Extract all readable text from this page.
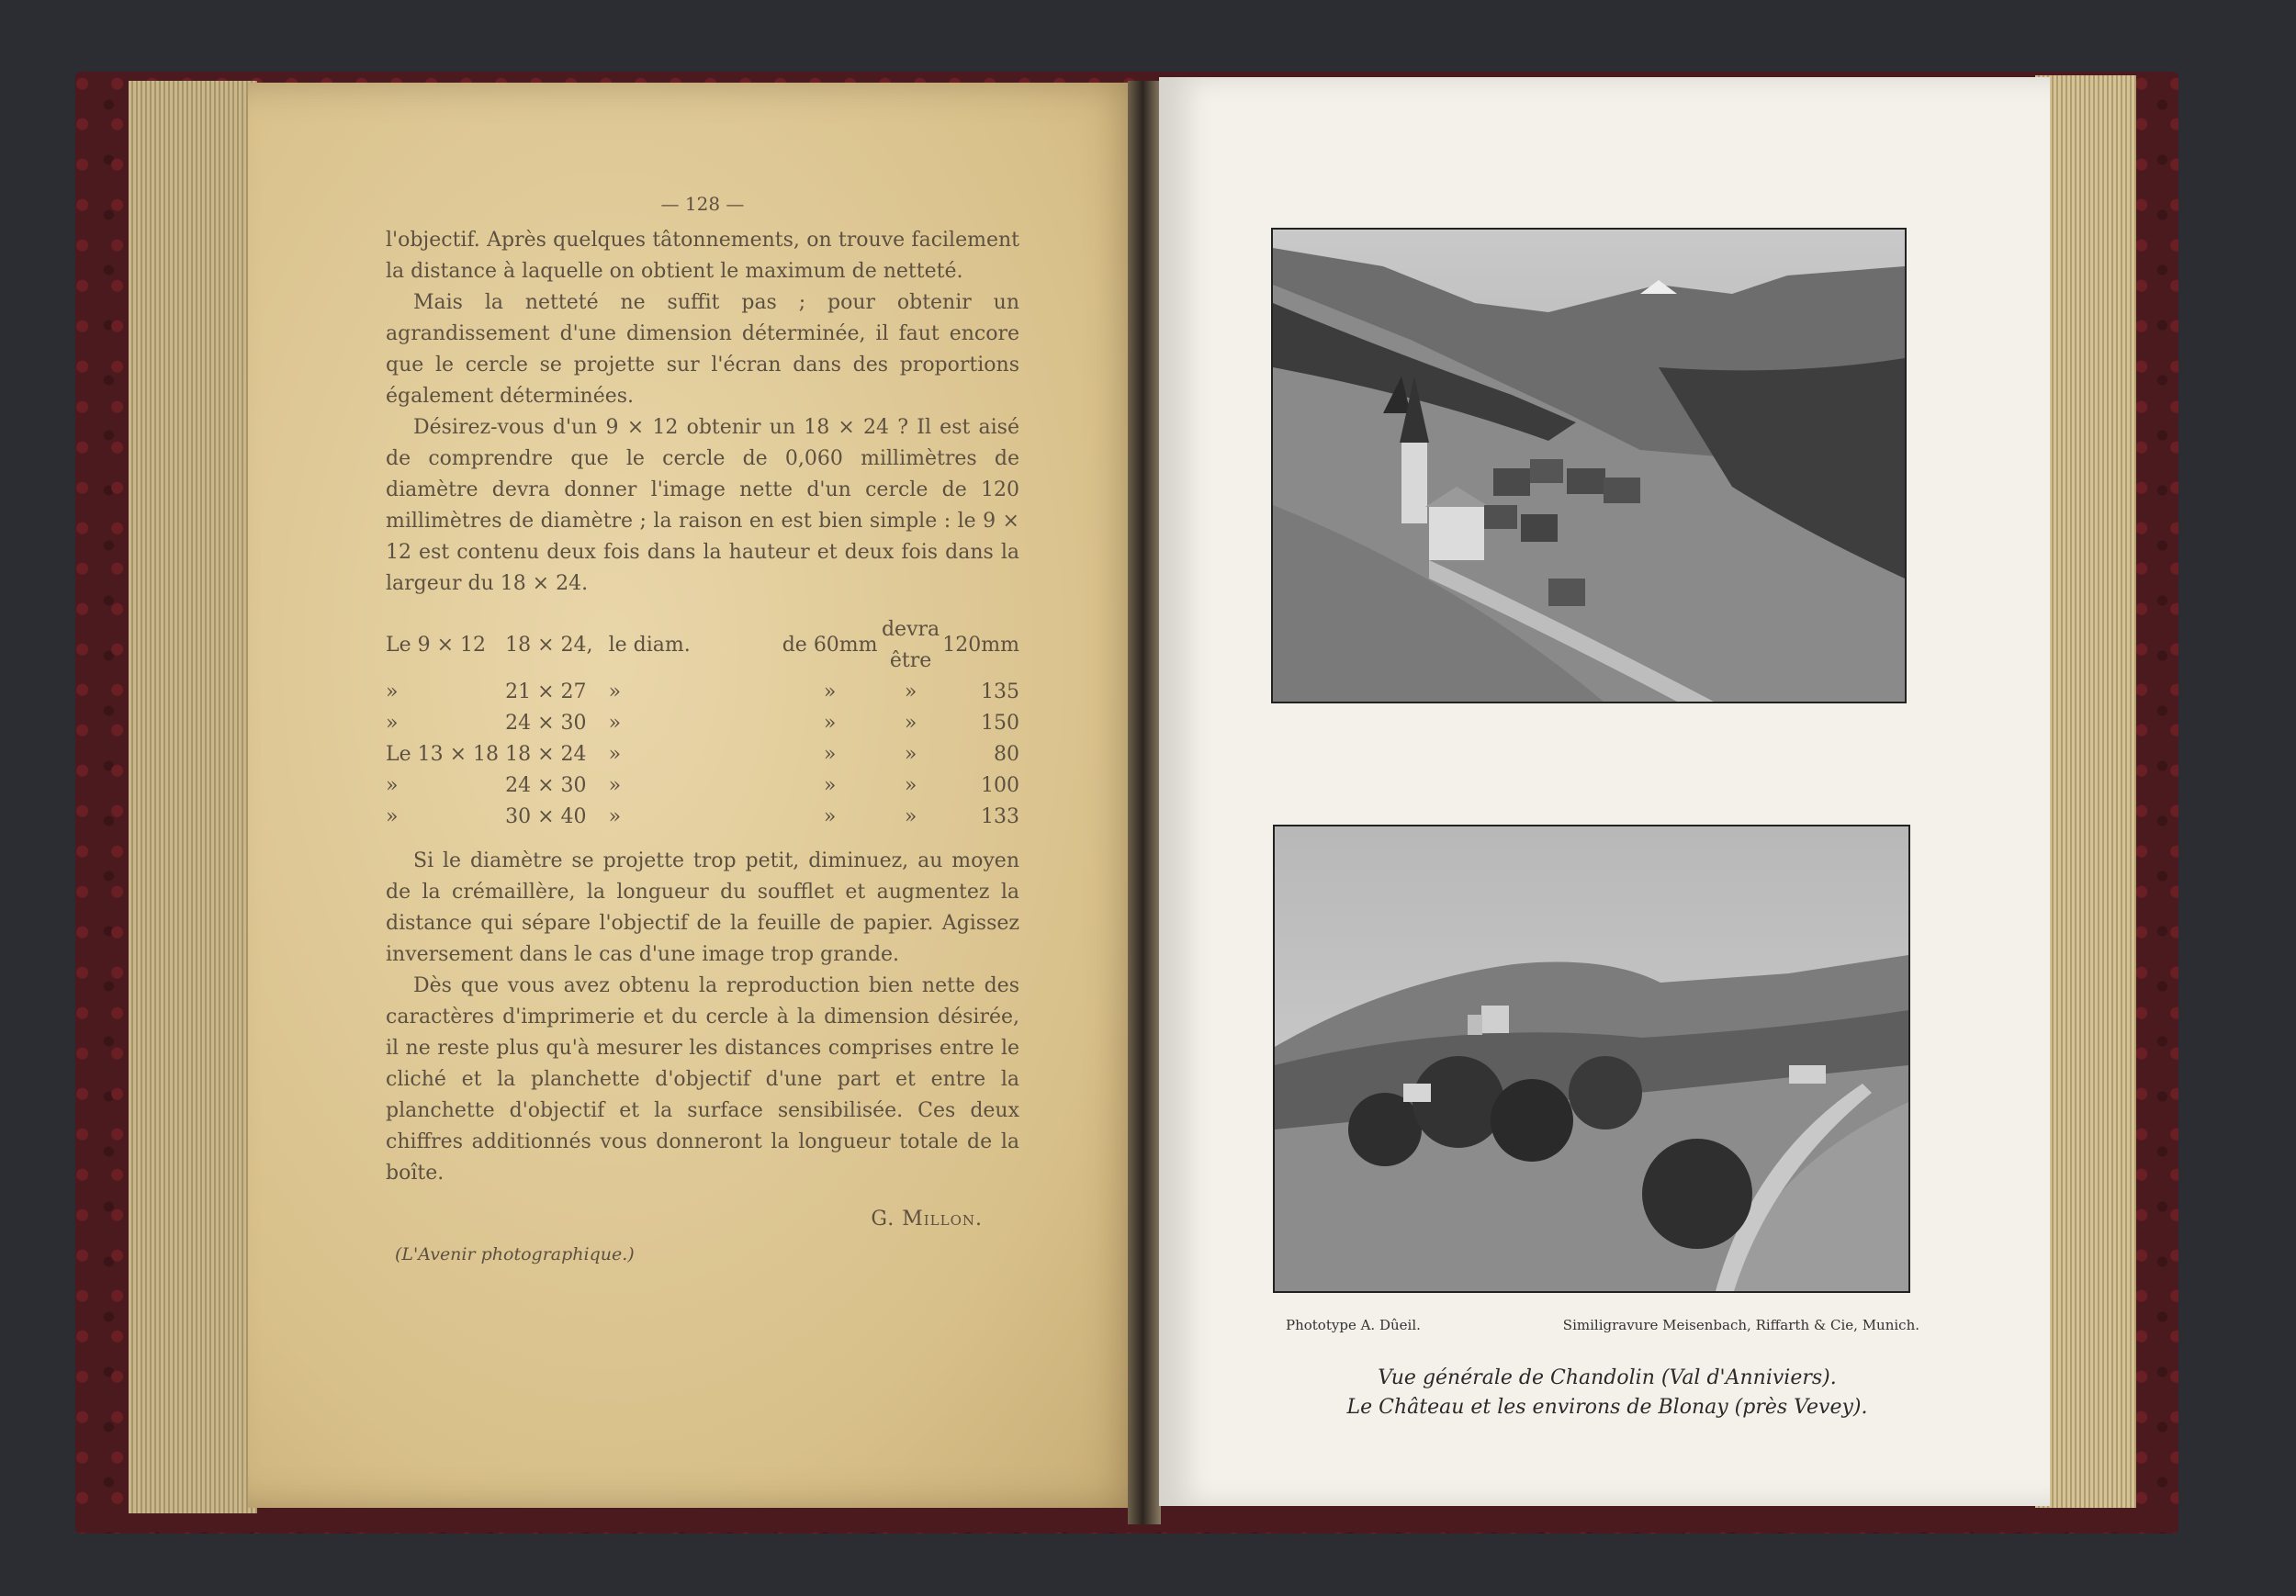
— 128 —

l'objectif. Après quelques tâtonnements, on trouve facilement la distance à laquelle on obtient le maximum de netteté.

Mais la netteté ne suffit pas ; pour obtenir un agrandissement d'une dimension déterminée, il faut encore que le cercle se projette sur l'écran dans des proportions également déterminées.

Désirez-vous d'un 9 × 12 obtenir un 18 × 24 ? Il est aisé de comprendre que le cercle de 0,060 millimètres de diamètre devra donner l'image nette d'un cercle de 120 millimètres de diamètre ; la raison en est bien simple : le 9 × 12 est contenu deux fois dans la hauteur et deux fois dans la largeur du 18 × 24.

Le 9 × 12	18 × 24,	le diam.	de 60mm	devra être	120mm
»	21 × 27	»	»	»	135
»	24 × 30	»	»	»	150
Le 13 × 18	18 × 24	»	»	»	80
»	24 × 30	»	»	»	100
»	30 × 40	»	»	»	133

Si le diamètre se projette trop petit, diminuez, au moyen de la crémaillère, la longueur du soufflet et augmentez la distance qui sépare l'objectif de la feuille de papier. Agissez inversement dans le cas d'une image trop grande.

Dès que vous avez obtenu la reproduction bien nette des caractères d'imprimerie et du cercle à la dimension désirée, il ne reste plus qu'à mesurer les distances comprises entre le cliché et la planchette d'objectif d'une part et entre la planchette d'objectif et la surface sensibilisée. Ces deux chiffres additionnés vous donneront la longueur totale de la boîte.

G. Millon.
(L'Avenir photographique.)
Phototype A. Dûeil.	Similigravure Meisenbach, Riffarth & Cie, Munich.
Vue générale de Chandolin (Val d'Anniviers).
Le Château et les environs de Blonay (près Vevey).
